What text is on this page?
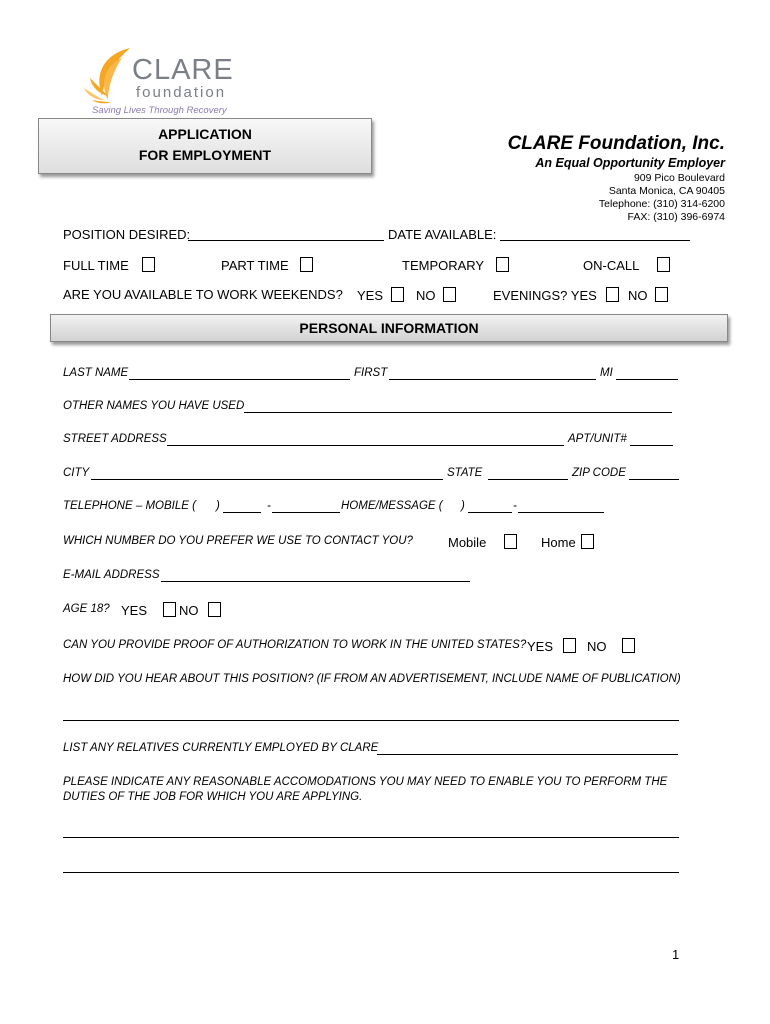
CLARE
foundation
Saving Lives Through Recovery
APPLICATION
FOR EMPLOYMENT
CLARE Foundation, Inc.
An Equal Opportunity Employer
909 Pico Boulevard
Santa Monica, CA 90405
Telephone: (310) 314-6200
FAX: (310) 396-6974
POSITION DESIRED:	DATE AVAILABLE:
FULL TIME	PART TIME	TEMPORARY	ON-CALL
ARE YOU AVAILABLE TO WORK WEEKENDS? YES	NO	EVENINGS? YES	NO
PERSONAL INFORMATION
LAST NAME	FIRST	MI
OTHER NAMES YOU HAVE USED
STREET ADDRESS	APT/UNIT#
CITY	STATE	ZIP CODE
TELEPHONE – MOBILE ( )	-	HOME/MESSAGE ( )	-
WHICH NUMBER DO YOU PREFER WE USE TO CONTACT YOU?	Mobile	Home
E-MAIL ADDRESS
AGE 18? YES	NO
CAN YOU PROVIDE PROOF OF AUTHORIZATION TO WORK IN THE UNITED STATES? YES	NO
HOW DID YOU HEAR ABOUT THIS POSITION? (IF FROM AN ADVERTISEMENT, INCLUDE NAME OF PUBLICATION)
LIST ANY RELATIVES CURRENTLY EMPLOYED BY CLARE
PLEASE INDICATE ANY REASONABLE ACCOMODATIONS YOU MAY NEED TO ENABLE YOU TO PERFORM THE
DUTIES OF THE JOB FOR WHICH YOU ARE APPLYING.
1
